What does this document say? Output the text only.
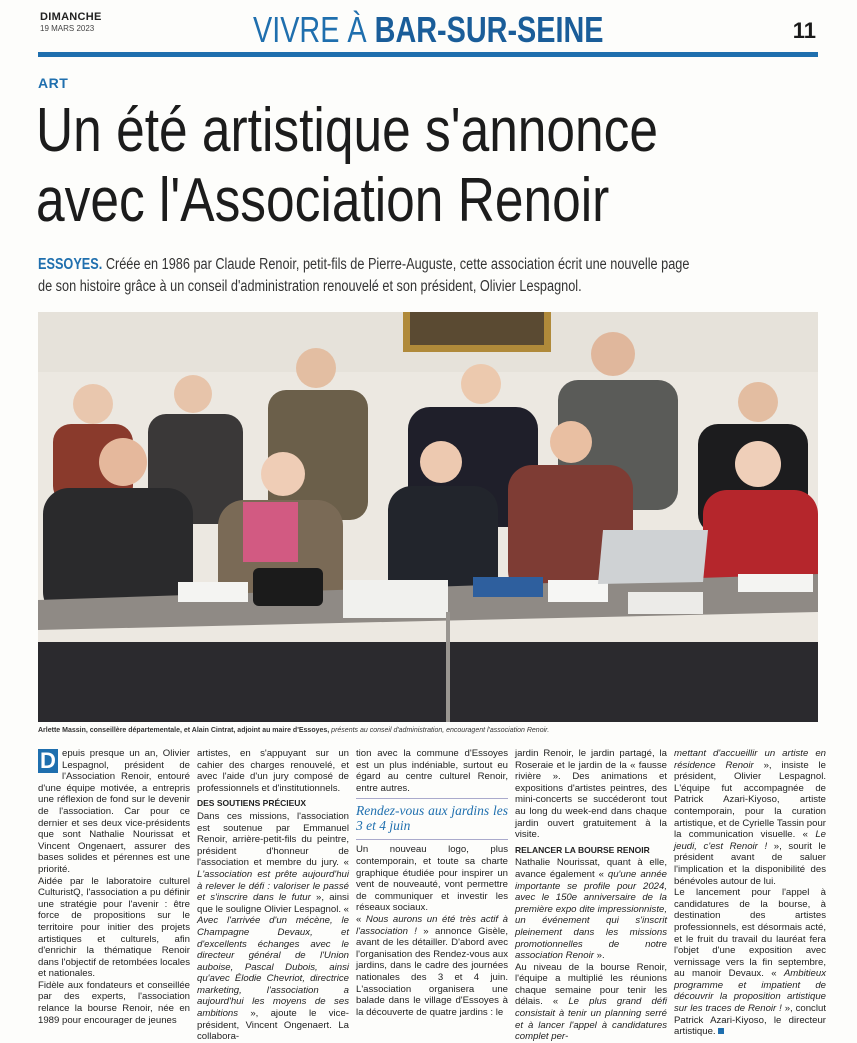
DIMANCHE
19 MARS 2023	VIVRE À BAR-SUR-SEINE	11
ART
Un été artistique s'annonce
avec l'Association Renoir
ESSOYES. Créée en 1986 par Claude Renoir, petit-fils de Pierre-Auguste, cette association écrit une nouvelle page de son histoire grâce à un conseil d'administration renouvelé et son président, Olivier Lespagnol.
Arlette Massin, conseillère départementale, et Alain Cintrat, adjoint au maire d'Essoyes, présents au conseil d'administration, encouragent l'association Renoir.
D epuis presque un an, Olivier Lespagnol, président de l'Association Renoir, entouré d'une équipe motivée, a entrepris une réflexion de fond sur le devenir de l'association. Car pour ce dernier et ses deux vice-présidents que sont Nathalie Nourissat et Vincent Ongenaert, assurer des bases solides et pérennes est une priorité.

Aidée par le laboratoire culturel CulturistQ, l'association a pu définir une stratégie pour l'avenir : être force de propositions sur le territoire pour initier des projets artistiques et culturels, afin d'enrichir la thématique Renoir dans l'objectif de retombées locales et nationales.

Fidèle aux fondateurs et conseillée par des experts, l'association relance la bourse Renoir, née en 1989 pour encourager de jeunes

artistes, en s'appuyant sur un cahier des charges renouvelé, et avec l'aide d'un jury composé de professionnels et d'institutionnels.

DES SOUTIENS PRÉCIEUX

Dans ces missions, l'association est soutenue par Emmanuel Renoir, arrière-petit-fils du peintre, président d'honneur de l'association et membre du jury. « L'association est prête aujourd'hui à relever le défi : valoriser le passé et s'inscrire dans le futur », ainsi que le souligne Olivier Lespagnol. « Avec l'arrivée d'un mécène, le Champagne Devaux, et d'excellents échanges avec le directeur général de l'Union auboise, Pascal Dubois, ainsi qu'avec Élodie Chevriot, directrice marketing, l'association a aujourd'hui les moyens de ses ambitions », ajoute le vice-président, Vincent Ongenaert. La collabora-

tion avec la commune d'Essoyes est un plus indéniable, surtout eu égard au centre culturel Renoir, entre autres.

Rendez-vous aux jardins les 3 et 4 juin

Un nouveau logo, plus contemporain, et toute sa charte graphique étudiée pour inspirer un vent de nouveauté, vont permettre de communiquer et investir les réseaux sociaux.

« Nous aurons un été très actif à l'association ! » annonce Gisèle, avant de les détailler. D'abord avec l'organisation des Rendez-vous aux jardins, dans le cadre des journées nationales des 3 et 4 juin. L'association organisera une balade dans le village d'Essoyes à la découverte de quatre jardins : le

jardin Renoir, le jardin partagé, la Roseraie et le jardin de la « fausse rivière ». Des animations et expositions d'artistes peintres, des mini-concerts se succéderont tout au long du week-end dans chaque jardin ouvert gratuitement à la visite.

RELANCER LA BOURSE RENOIR

Nathalie Nourissat, quant à elle, avance également « qu'une année importante se profile pour 2024, avec le 150e anniversaire de la première expo dite impressionniste, un événement qui s'inscrit pleinement dans les missions promotionnelles de notre association Renoir ».

Au niveau de la bourse Renoir, l'équipe a multiplié les réunions chaque semaine pour tenir les délais. « Le plus grand défi consistait à tenir un planning serré et à lancer l'appel à candidatures complet per-

mettant d'accueillir un artiste en résidence Renoir », insiste le président, Olivier Lespagnol. L'équipe fut accompagnée de Patrick Azari-Kiyoso, artiste contemporain, pour la curation artistique, et de Cyrielle Tassin pour la communication visuelle. « Le jeudi, c'est Renoir ! », sourit le président avant de saluer l'implication et la disponibilité des bénévoles autour de lui.

Le lancement pour l'appel à candidatures de la bourse, à destination des artistes professionnels, est désormais acté, et le fruit du travail du lauréat fera l'objet d'une exposition avec vernissage vers la fin septembre, au manoir Devaux. « Ambitieux programme et impatient de découvrir la proposition artistique sur les traces de Renoir ! », conclut Patrick Azari-Kiyoso, le directeur artistique.
